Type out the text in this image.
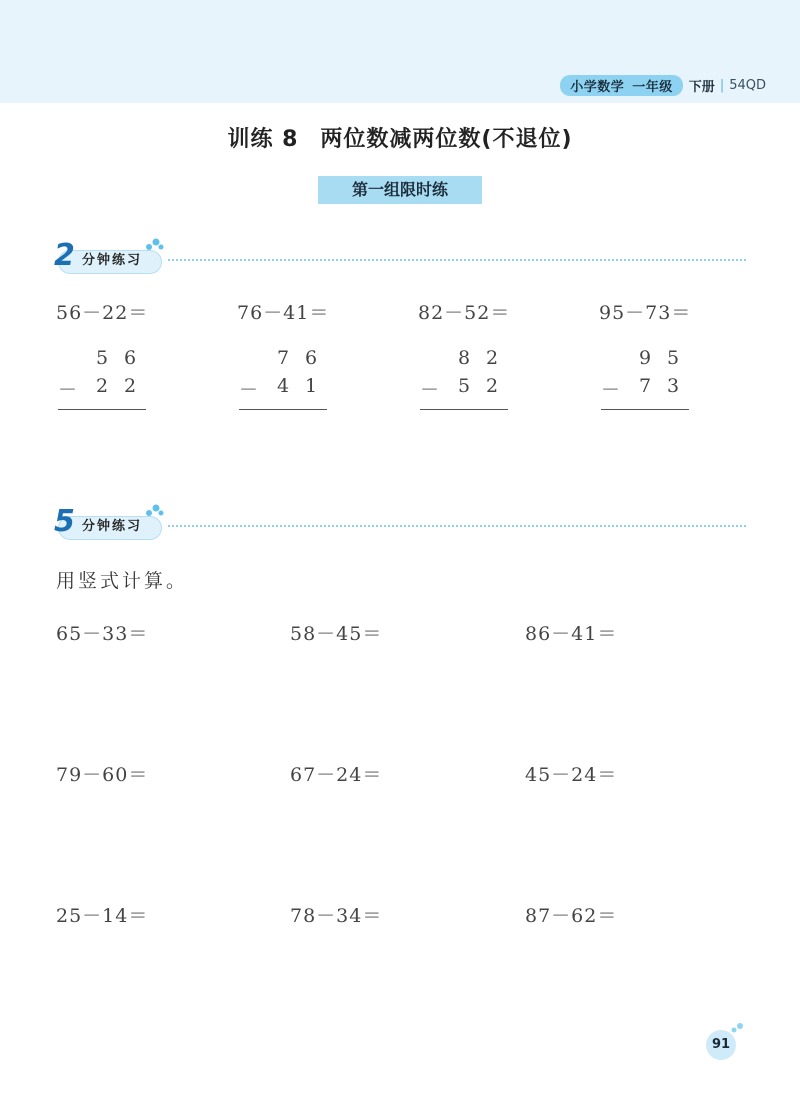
小学数学 一年级	下册 | 54QD
训练 8 两位数减两位数(不退位)
第一组限时练
2 分钟练习
56－22＝
5 6
－ 2 2
76－41＝
7 6
－ 4 1
82－52＝
8 2
－ 5 2
95－73＝
9 5
－ 7 3
5 分钟练习
用竖式计算。
65－33＝	58－45＝	86－41＝
79－60＝	67－24＝	45－24＝
25－14＝	78－34＝	87－62＝
91
